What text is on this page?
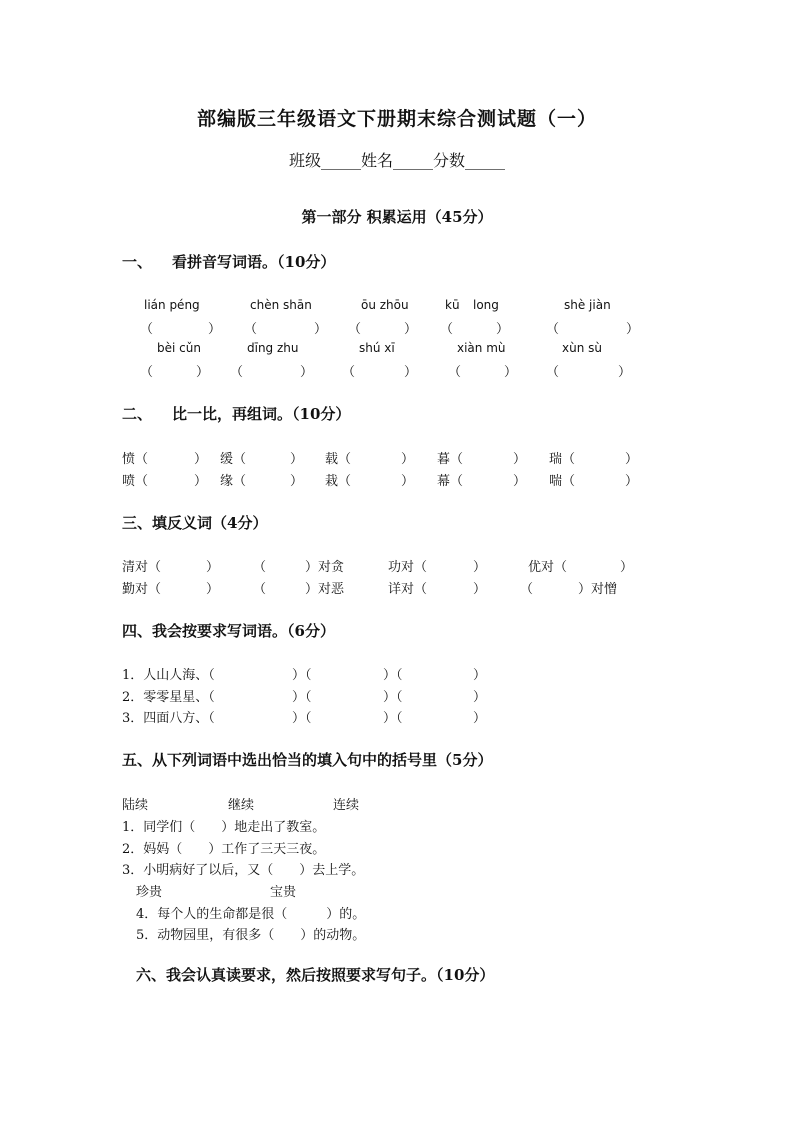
部编版三年级语文下册期末综合测试题（一）
班级_____姓名_____分数_____
第一部分 积累运用（45分）
一、 看拼音写词语。（10分）
lián péng	chèn shān	ōu zhōu	kū long	shè jiàn
（	） （	） （	） （	）	（	）
bèi cǔn	dīng zhu	shú xī	xiàn mù	xùn sù
（	） （	） （	） （	） （	）
二、 比一比，再组词。（10分）
愤（	） 缓（	） 载（	） 暮（	） 瑞（	）
喷（	） 缘（	） 栽（	） 幕（	） 喘（	）
三、填反义词（4分）
清对（	）	（	）对贪	功对（	）	优对（	）
勤对（	）	（	）对恶	详对（	）	（	）对憎
四、我会按要求写词语。（6分）
1．人山人海、（	）（	）（	）
2．零零星星、（	）（	）（	）
3．四面八方、（	）（	）（	）
五、从下列词语中选出恰当的填入句中的括号里（5分）
陆续	继续	连续
1．同学们（　　）地走出了教室。
2．妈妈（　　）工作了三天三夜。
3．小明病好了以后，又（　　）去上学。
珍贵	宝贵
4．每个人的生命都是很（　　　）的。
5．动物园里，有很多（　　）的动物。
六、我会认真读要求，然后按照要求写句子。（10分）
